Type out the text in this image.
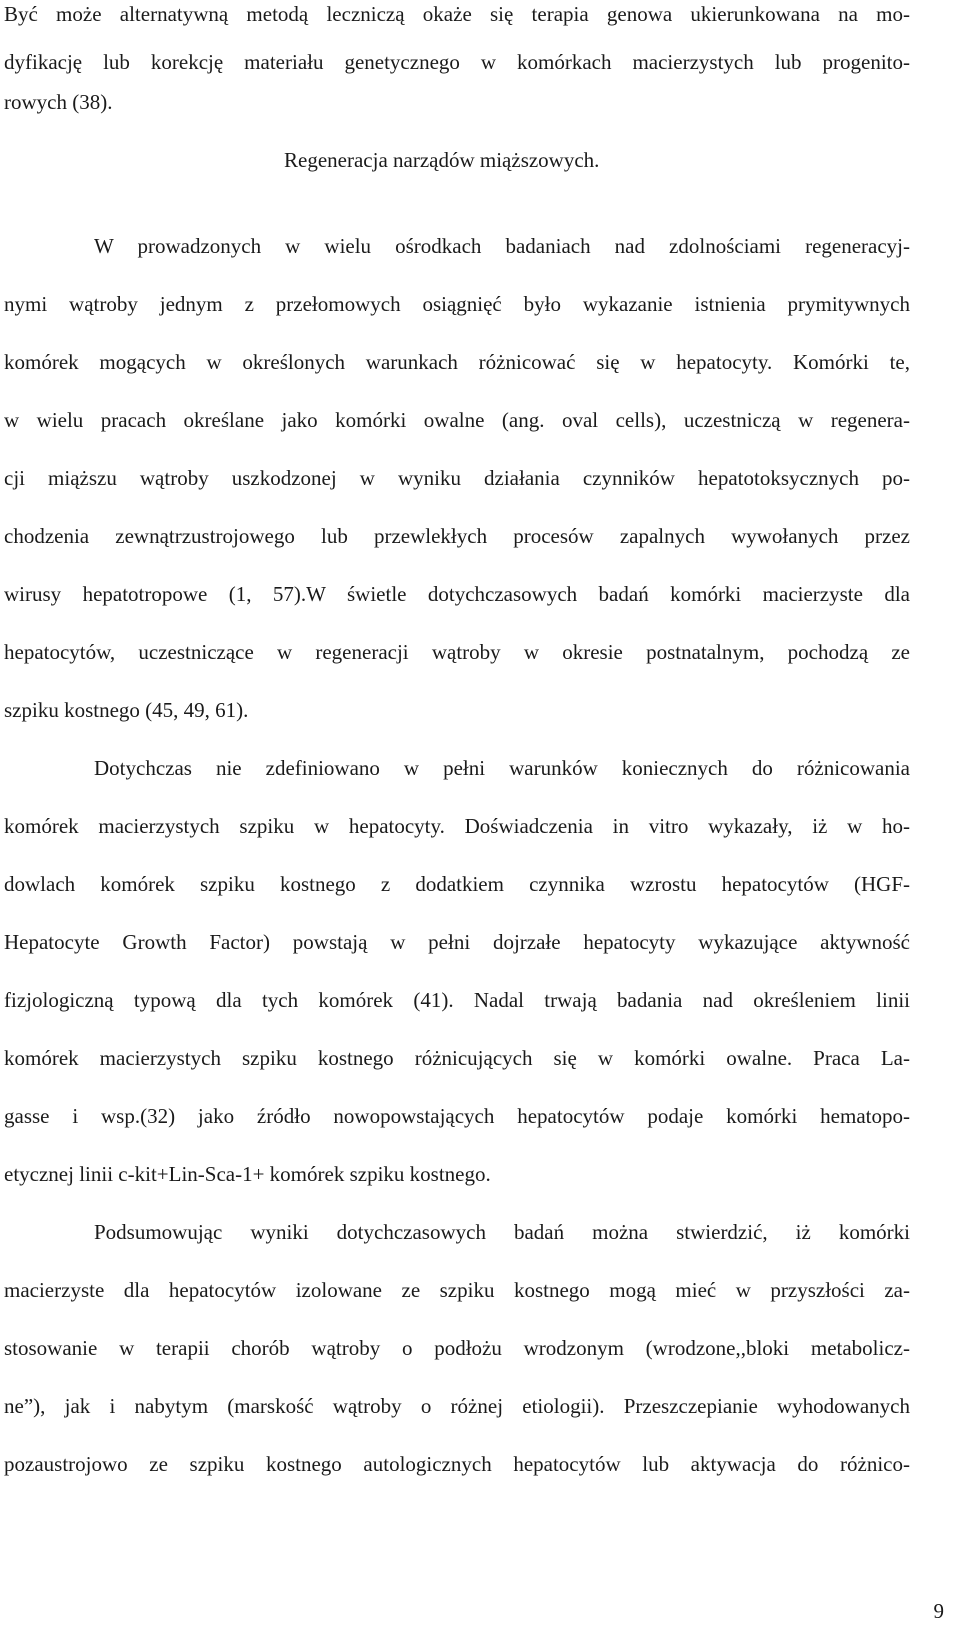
Być może alternatywną metodą leczniczą okaże się terapia genowa ukierunkowana na mo-
dyfikację lub korekcję materiału genetycznego w komórkach macierzystych lub progenito-
rowych (38).
Regeneracja narządów miąższowych.
W prowadzonych w wielu ośrodkach badaniach nad zdolnościami regeneracyj-
nymi wątroby jednym z przełomowych osiągnięć było wykazanie istnienia prymitywnych
komórek mogących w określonych warunkach różnicować się w hepatocyty. Komórki te,
w wielu pracach określane jako komórki owalne (ang. oval cells), uczestniczą w regenera-
cji miąższu wątroby uszkodzonej w wyniku działania czynników hepatotoksycznych po-
chodzenia zewnątrzustrojowego lub przewlekłych procesów zapalnych wywołanych przez
wirusy hepatotropowe (1, 57).W świetle dotychczasowych badań komórki macierzyste dla
hepatocytów, uczestniczące w regeneracji wątroby w okresie postnatalnym, pochodzą ze
szpiku kostnego (45, 49, 61).
Dotychczas nie zdefiniowano w pełni warunków koniecznych do różnicowania
komórek macierzystych szpiku w hepatocyty. Doświadczenia in vitro wykazały, iż w ho-
dowlach komórek szpiku kostnego z dodatkiem czynnika wzrostu hepatocytów (HGF-
Hepatocyte Growth Factor) powstają w pełni dojrzałe hepatocyty wykazujące aktywność
fizjologiczną typową dla tych komórek (41). Nadal trwają badania nad określeniem linii
komórek macierzystych szpiku kostnego różnicujących się w komórki owalne. Praca La-
gasse i wsp.(32) jako źródło nowopowstających hepatocytów podaje komórki hematopo-
etycznej linii c-kit+Lin-Sca-1+ komórek szpiku kostnego.
Podsumowując wyniki dotychczasowych badań można stwierdzić, iż komórki
macierzyste dla hepatocytów izolowane ze szpiku kostnego mogą mieć w przyszłości za-
stosowanie w terapii chorób wątroby o podłożu wrodzonym (wrodzone,,bloki metabolicz-
ne”), jak i nabytym (marskość wątroby o różnej etiologii). Przeszczepianie wyhodowanych
pozaustrojowo ze szpiku kostnego autologicznych hepatocytów lub aktywacja do różnico-
9
